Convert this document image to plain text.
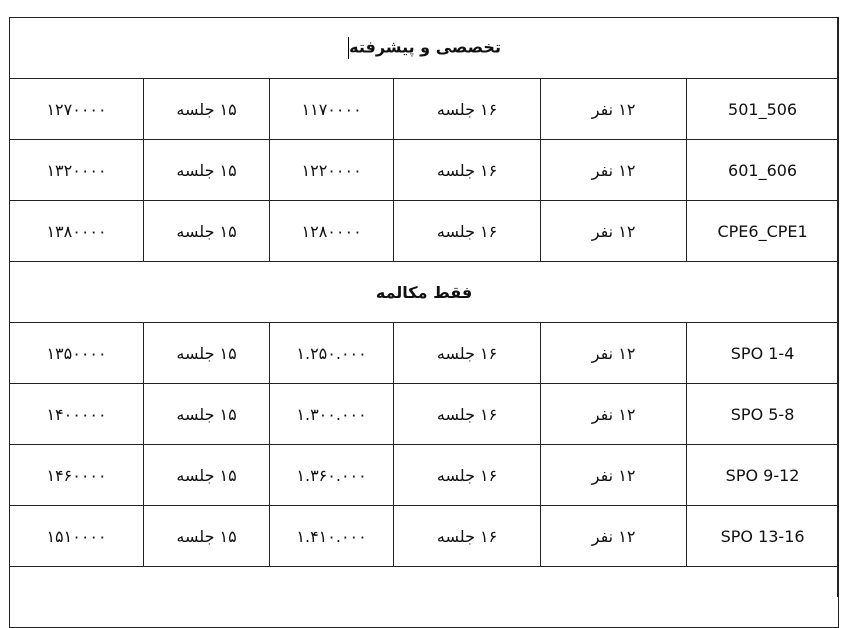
تخصصی و پیشرفته					
501_506	۱۲ نفر	۱۶ جلسه	۱۱۷۰۰۰۰	۱۵ جلسه	۱۲۷۰۰۰۰
601_606	۱۲ نفر	۱۶ جلسه	۱۲۲۰۰۰۰	۱۵ جلسه	۱۳۲۰۰۰۰
CPE6_CPE1	۱۲ نفر	۱۶ جلسه	۱۲۸۰۰۰۰	۱۵ جلسه	۱۳۸۰۰۰۰
فقط مکالمه					
SPO 1-4	۱۲ نفر	۱۶ جلسه	۱.۲۵۰.۰۰۰	۱۵ جلسه	۱۳۵۰۰۰۰
SPO 5-8	۱۲ نفر	۱۶ جلسه	۱.۳۰۰.۰۰۰	۱۵ جلسه	۱۴۰۰۰۰۰
SPO 9-12	۱۲ نفر	۱۶ جلسه	۱.۳۶۰.۰۰۰	۱۵ جلسه	۱۴۶۰۰۰۰
SPO 13-16	۱۲ نفر	۱۶ جلسه	۱.۴۱۰.۰۰۰	۱۵ جلسه	۱۵۱۰۰۰۰
